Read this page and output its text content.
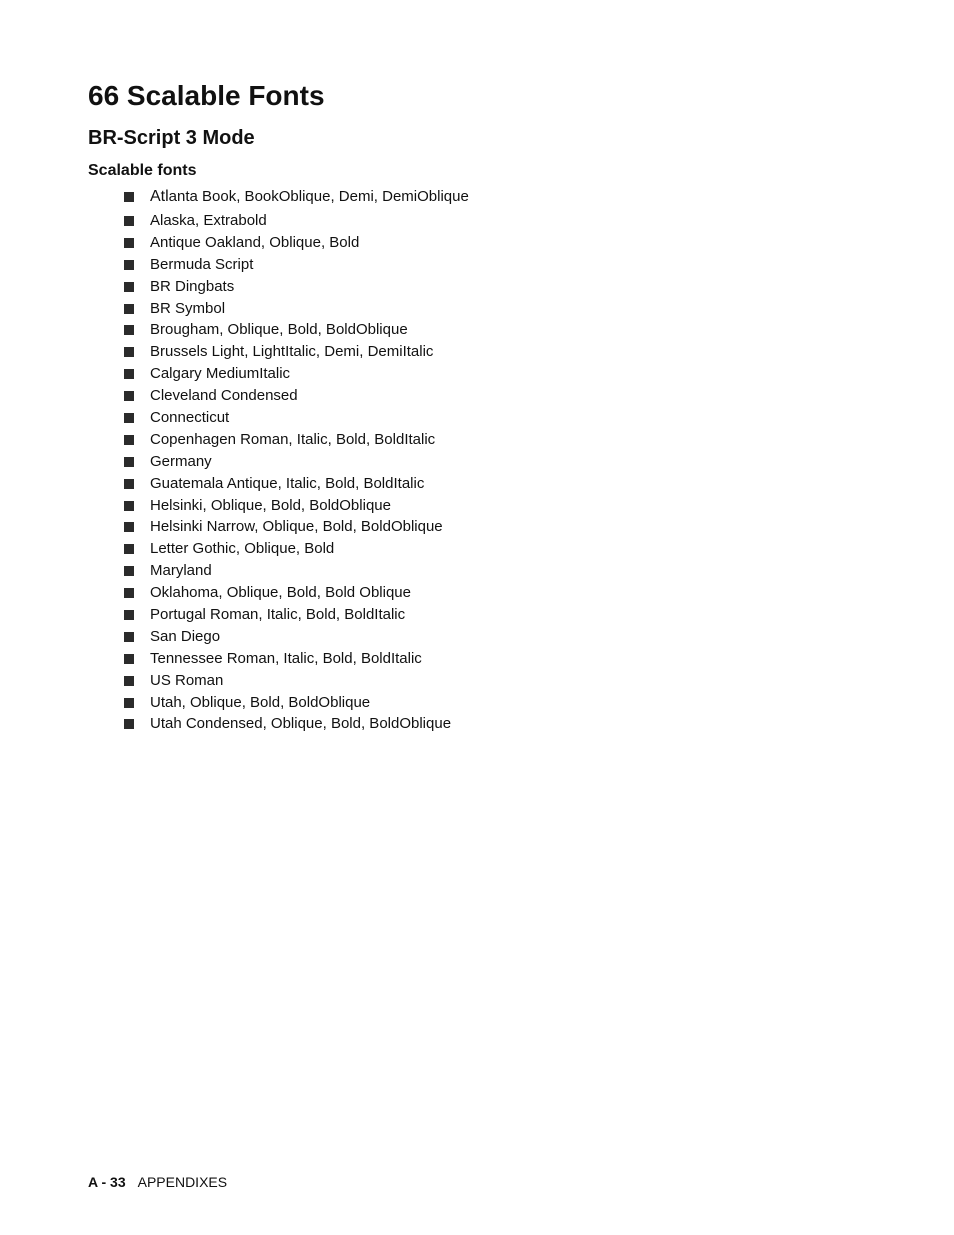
66 Scalable Fonts
BR-Script 3 Mode
Scalable fonts
Atlanta Book, BookOblique, Demi, DemiOblique
Alaska, Extrabold
Antique Oakland, Oblique, Bold
Bermuda Script
BR Dingbats
BR Symbol
Brougham, Oblique, Bold, BoldOblique
Brussels Light, LightItalic, Demi, DemiItalic
Calgary MediumItalic
Cleveland Condensed
Connecticut
Copenhagen Roman, Italic, Bold, BoldItalic
Germany
Guatemala Antique, Italic, Bold, BoldItalic
Helsinki, Oblique, Bold, BoldOblique
Helsinki Narrow, Oblique, Bold, BoldOblique
Letter Gothic, Oblique, Bold
Maryland
Oklahoma, Oblique, Bold, Bold Oblique
Portugal Roman, Italic, Bold, BoldItalic
San Diego
Tennessee Roman, Italic, Bold, BoldItalic
US Roman
Utah, Oblique, Bold, BoldOblique
Utah Condensed, Oblique, Bold, BoldOblique
A - 33 APPENDIXES
